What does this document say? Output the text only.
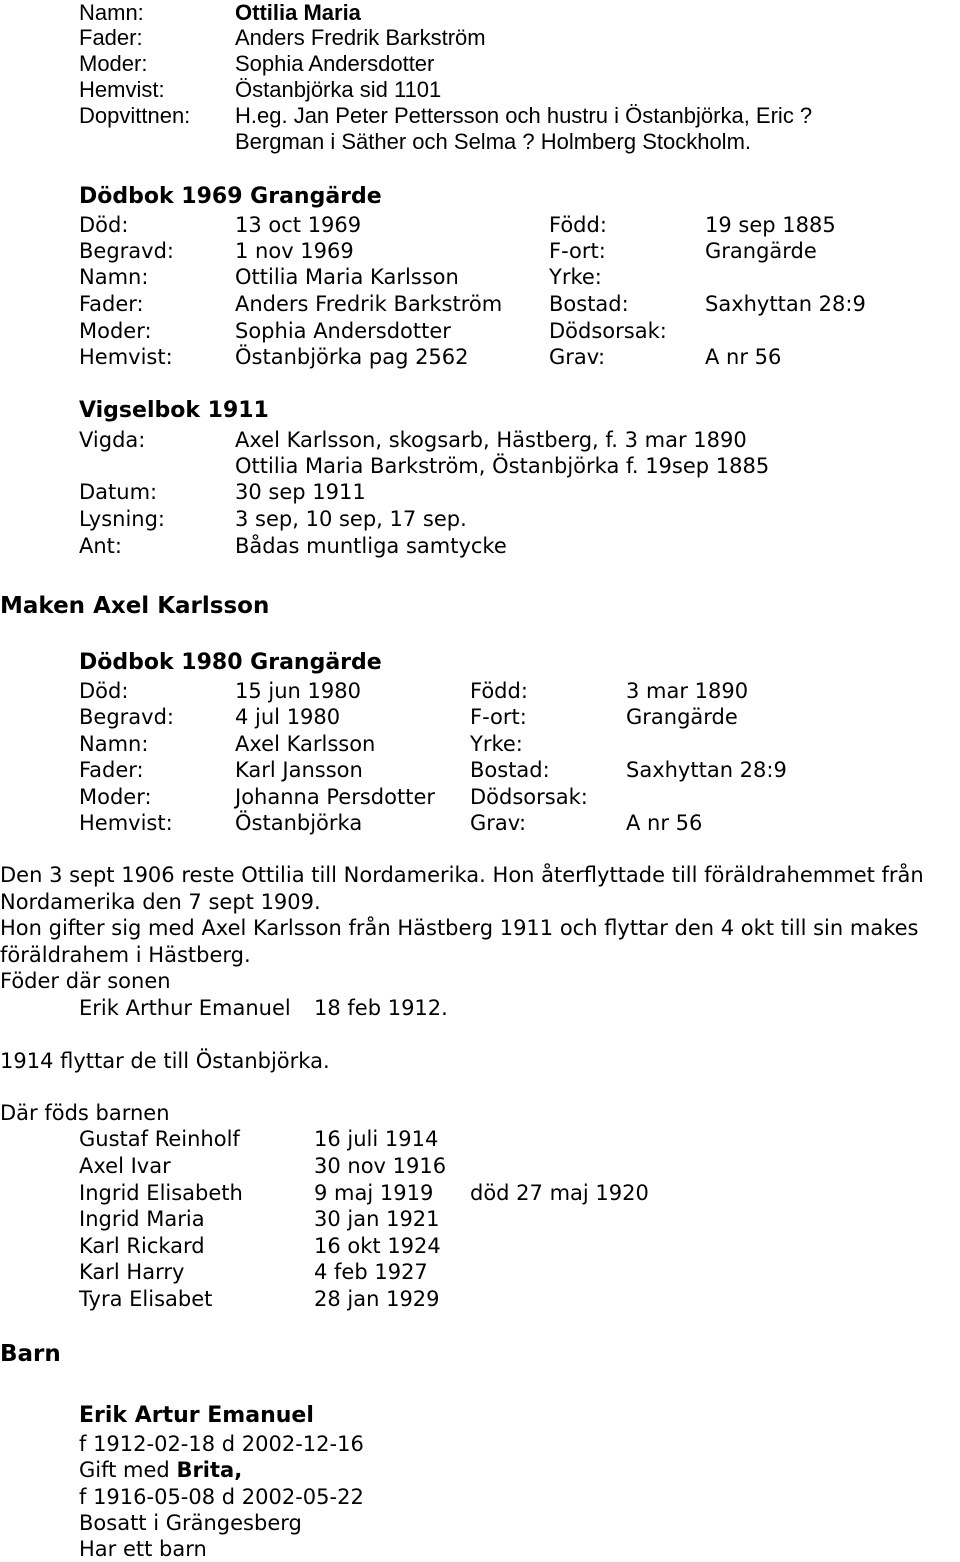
Namn:	Ottilia Maria
Fader:	Anders Fredrik Barkström
Moder:	Sophia Andersdotter
Hemvist:	Östanbjörka sid 1101
Dopvittnen: H.eg. Jan Peter Pettersson och hustru i Östanbjörka, Eric ?
Bergman i Säther och Selma ? Holmberg Stockholm.
Dödbok 1969 Grangärde
Död:	13 oct 1969	Född:	19 sep 1885
Begravd:	1 nov 1969	F-ort:	Grangärde
Namn:	Ottilia Maria Karlsson	Yrke:
Fader:	Anders Fredrik Barkström Bostad:	Saxhyttan 28:9
Moder:	Sophia Andersdotter	Dödsorsak:
Hemvist:	Östanbjörka pag 2562	Grav:	A nr 56
Vigselbok 1911
Vigda:	Axel Karlsson, skogsarb, Hästberg, f. 3 mar 1890
Ottilia Maria Barkström, Östanbjörka f. 19sep 1885
Datum:	30 sep 1911
Lysning:	3 sep, 10 sep, 17 sep.
Ant:	Bådas muntliga samtycke
Maken Axel Karlsson
Dödbok 1980 Grangärde
Död:	15 jun 1980	Född:	3 mar 1890
Begravd:	4 jul 1980	F-ort:	Grangärde
Namn:	Axel Karlsson	Yrke:
Fader:	Karl Jansson	Bostad:	Saxhyttan 28:9
Moder:	Johanna Persdotter Dödsorsak:
Hemvist:	Östanbjörka	Grav:	A nr 56
Den 3 sept 1906 reste Ottilia till Nordamerika. Hon återflyttade till föräldrahemmet från
Nordamerika den 7 sept 1909.
Hon gifter sig med Axel Karlsson från Hästberg 1911 och flyttar den 4 okt till sin makes
föräldrahem i Hästberg.
Föder där sonen
Erik Arthur Emanuel 18 feb 1912.
1914 flyttar de till Östanbjörka.
Där föds barnen
Gustaf Reinholf	16 juli 1914
Axel Ivar	30 nov 1916
Ingrid Elisabeth	9 maj 1919 död 27 maj 1920
Ingrid Maria	30 jan 1921
Karl Rickard	16 okt 1924
Karl Harry	4 feb 1927
Tyra Elisabet	28 jan 1929
Barn
Erik Artur Emanuel
f 1912-02-18 d 2002-12-16
Gift med Brita,
f 1916-05-08 d 2002-05-22
Bosatt i Grängesberg
Har ett barn
